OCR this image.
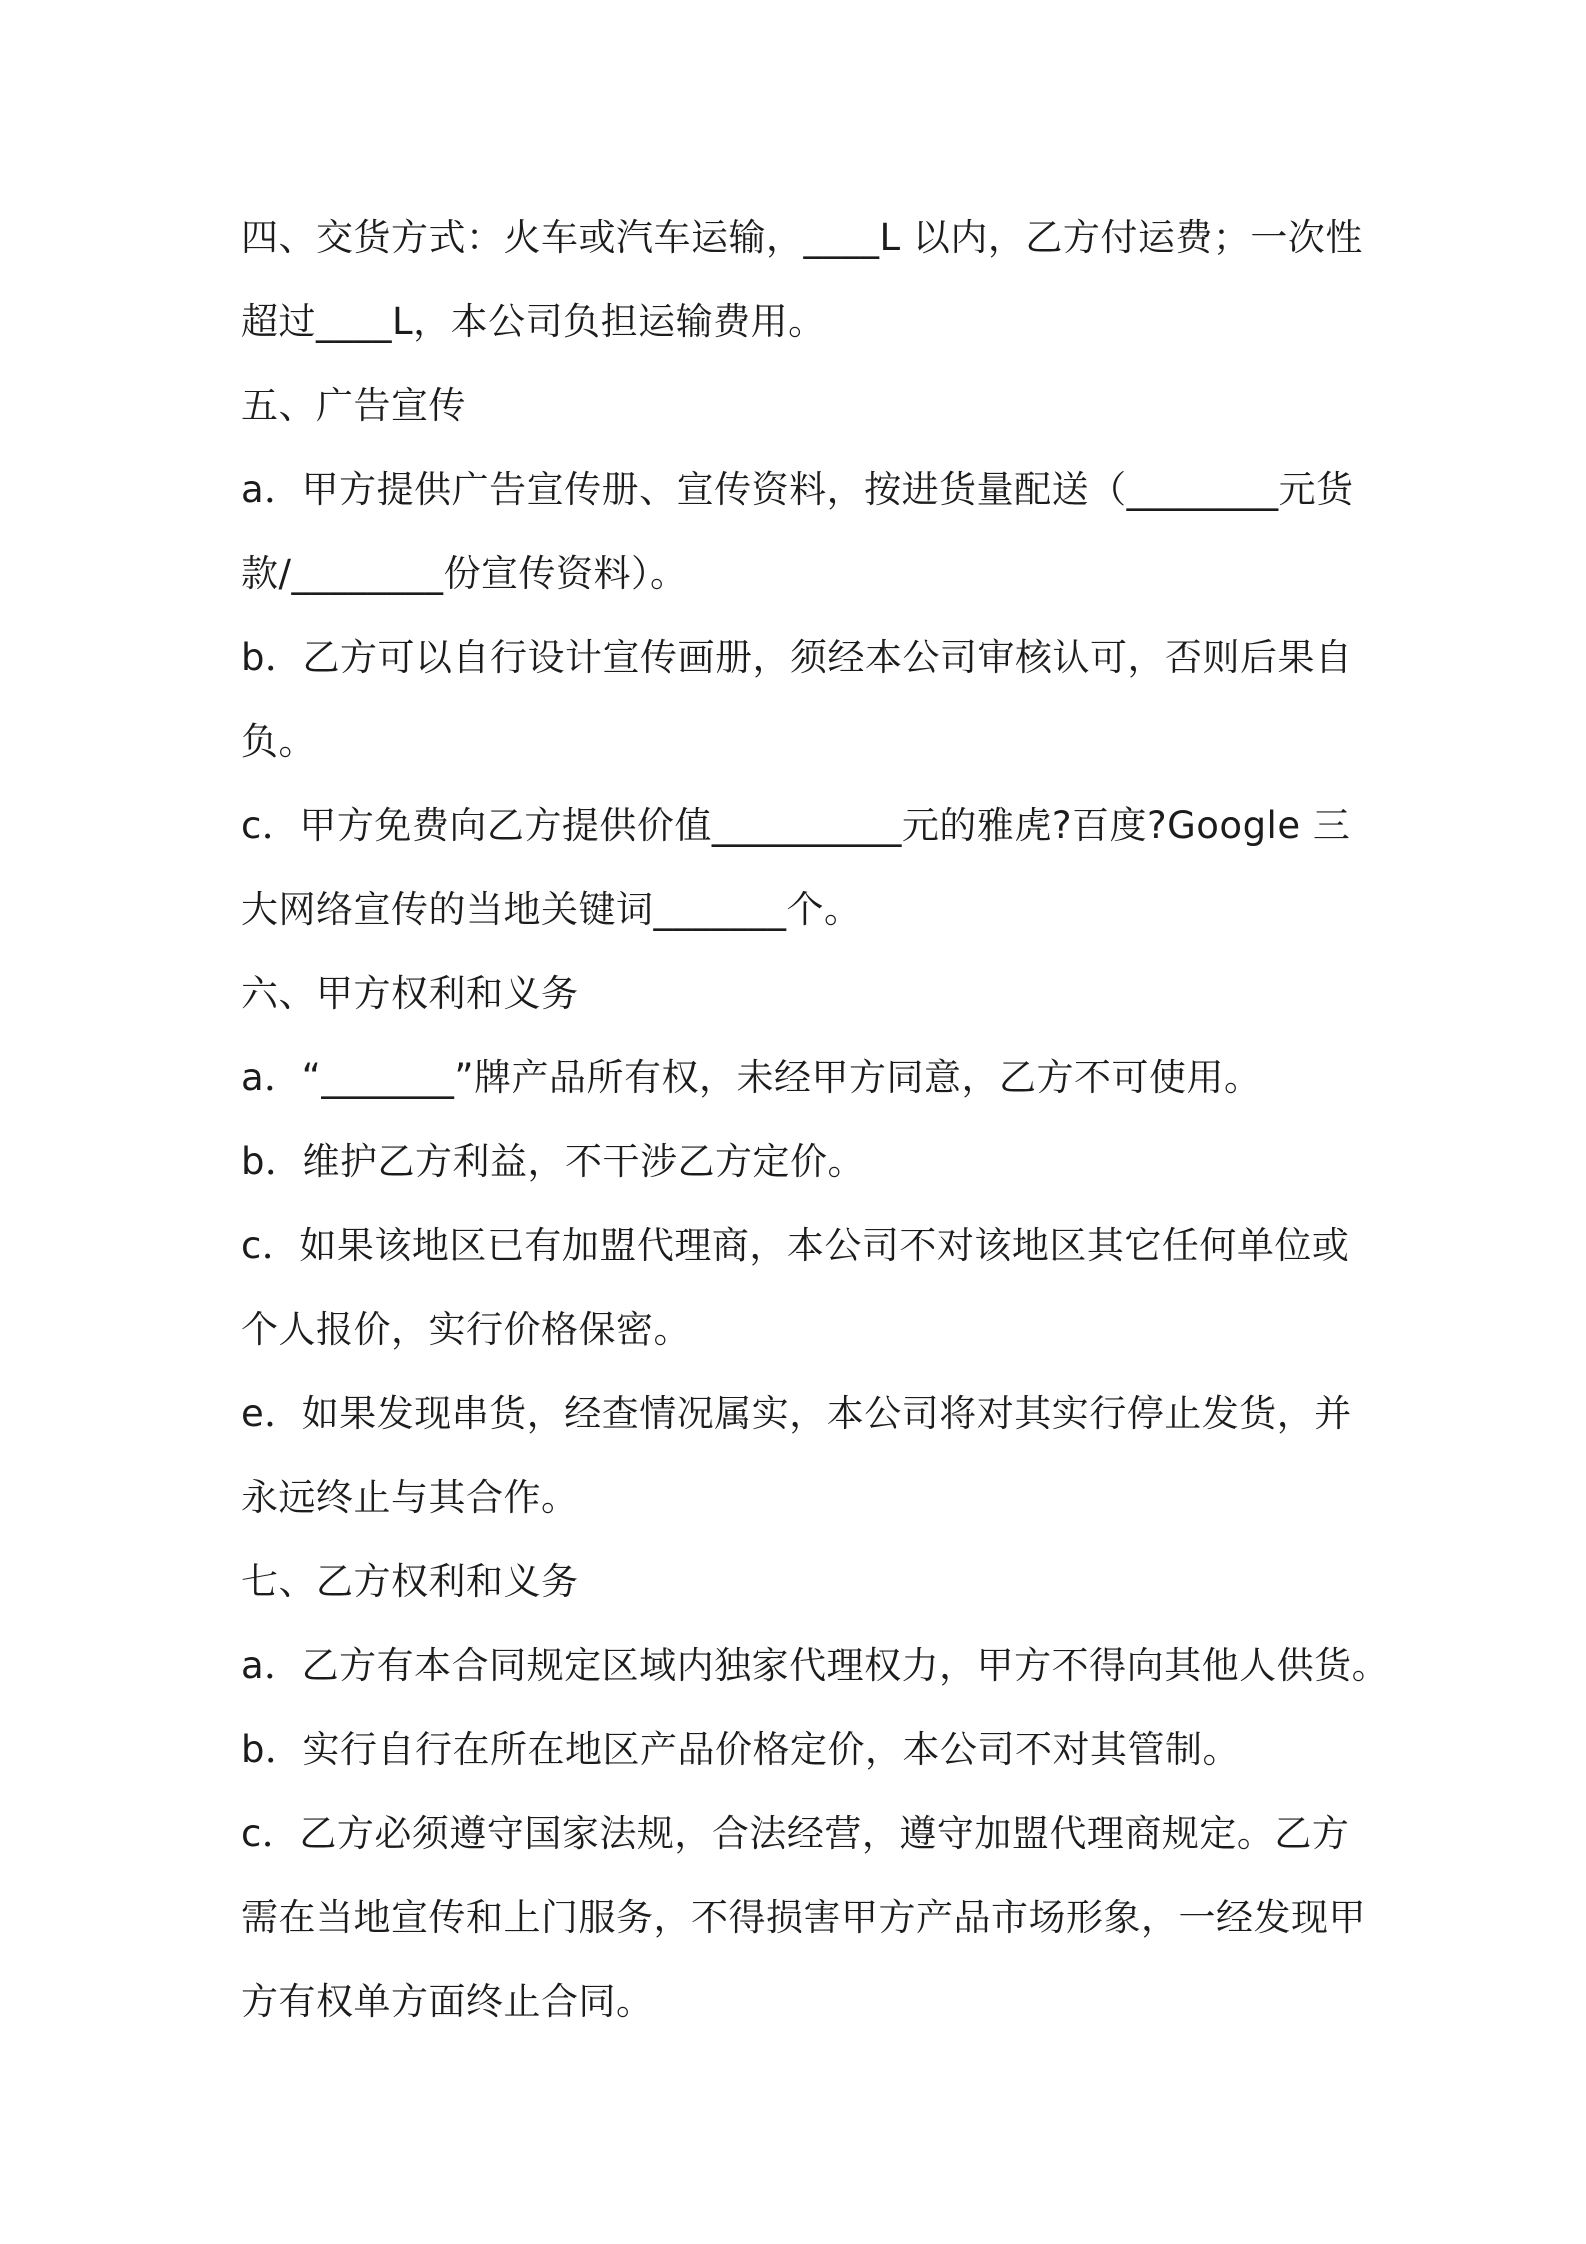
四、交货方式：火车或汽车运输，____L 以内，乙方付运费；一次性

超过____L，本公司负担运输费用。

五、广告宣传

a．甲方提供广告宣传册、宣传资料，按进货量配送（________元货

款/________份宣传资料）。

b．乙方可以自行设计宣传画册，须经本公司审核认可，否则后果自

负。

c．甲方免费向乙方提供价值__________元的雅虎?百度?Google 三

大网络宣传的当地关键词_______个。

六、甲方权利和义务

a．“_______”牌产品所有权，未经甲方同意，乙方不可使用。

b．维护乙方利益，不干涉乙方定价。

c．如果该地区已有加盟代理商，本公司不对该地区其它任何单位或

个人报价，实行价格保密。

e．如果发现串货，经查情况属实，本公司将对其实行停止发货，并

永远终止与其合作。

七、乙方权利和义务

a．乙方有本合同规定区域内独家代理权力，甲方不得向其他人供货。

b．实行自行在所在地区产品价格定价，本公司不对其管制。

c．乙方必须遵守国家法规，合法经营，遵守加盟代理商规定。乙方

需在当地宣传和上门服务，不得损害甲方产品市场形象，一经发现甲

方有权单方面终止合同。
